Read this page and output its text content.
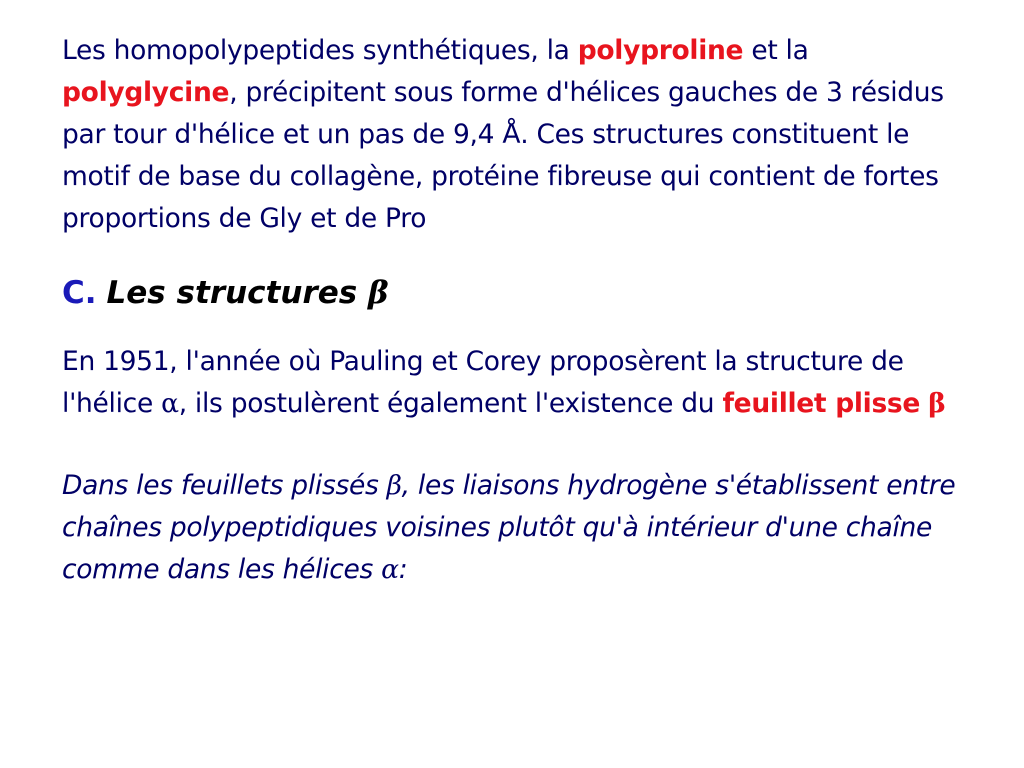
Les homopolypeptides synthétiques, la polyproline et la polyglycine, précipitent sous forme d'hélices gauches de 3 résidus par tour d'hélice et un pas de 9,4 Å. Ces structures constituent le motif de base du collagène, protéine fibreuse qui contient de fortes proportions de Gly et de Pro

C. Les structures β

En 1951, l'année où Pauling et Corey proposèrent la structure de l'hélice α, ils postulèrent également l'existence du feuillet plisse β

Dans les feuillets plissés β, les liaisons hydrogène s'établissent entre chaînes polypeptidiques voisines plutôt qu'à intérieur d'une chaîne comme dans les hélices α:
